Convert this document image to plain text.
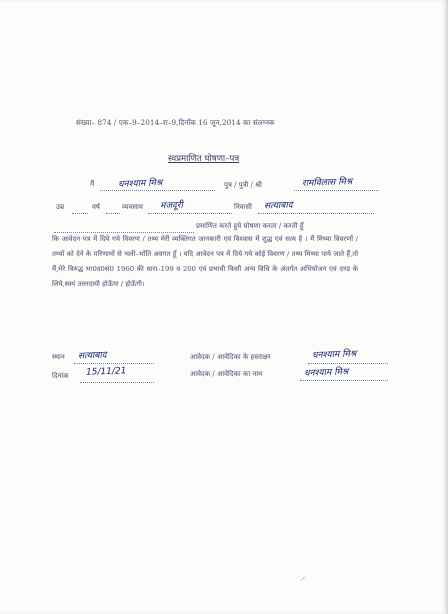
संख्या– 874 / एक–9–2014–रा–9,दिनाँक 16 जून,2014 का संलग्नक
स्वप्रमाणित घोषणा–पत्र
मैं	धनश्याम मिश्र	पुत्र / पुत्री / श्री	रामविलास मिश्र
उम्र	वर्ष	व्यवसाय मजदूरी	निवासी सत्याबाद
प्रमाणित करते हुये घोषणा करता / करती हूँ
कि आवेदन पत्र में दिये गये विवरण / तथ्य मेरी व्यक्तिगत जानकारी एवं विश्वास में शुद्ध एवं सत्य है । मैं मिथ्या विवरणों / तथ्यों को देने के परिणामों से भली–भाँति अवगत हूँ । यदि आवेदन पत्र में दिये गये कोई विवरण / तथ्य मिथ्या पाये जाते हैं,तो मैं,मेरे विरुद्ध भा0द0सं0 1960 की धारा–199 व 200 एवं प्रभावी किसी अन्य विधि के अंतर्गत अभियोजन एवं दण्ड के लिये,स्वयं उत्तरदायी होऊँगा / होऊँगी।
स्थान सत्याबाद
दिनांक 15/11/21
आवेदक / आवेदिका के हस्ताक्षर	धनश्याम मिश्र
आवेदक / आवेदिका का नाम	धनश्याम मिश्र
·ʻ
